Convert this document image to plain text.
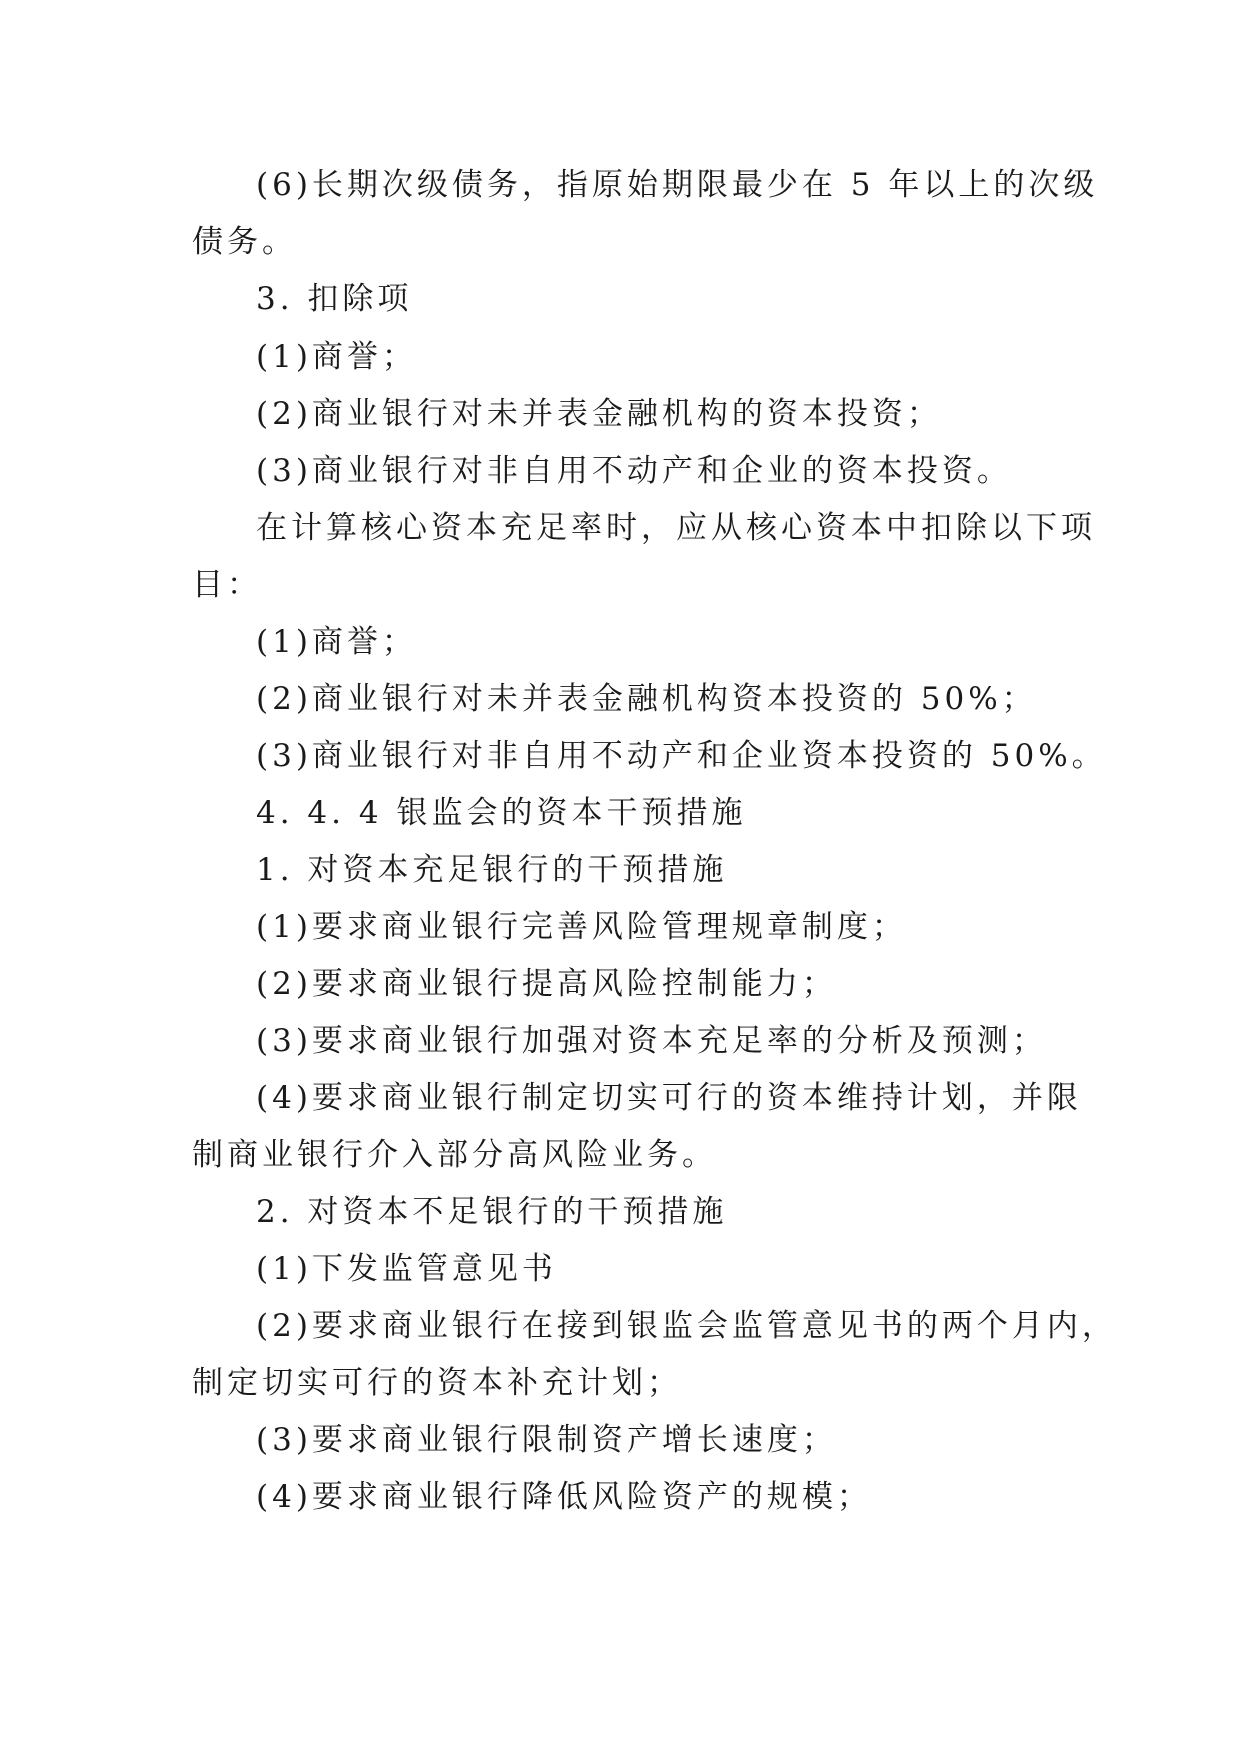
(6)长期次级债务，指原始期限最少在 5 年以上的次级
债务。
3. 扣除项
(1)商誉；
(2)商业银行对未并表金融机构的资本投资；
(3)商业银行对非自用不动产和企业的资本投资。
在计算核心资本充足率时，应从核心资本中扣除以下项
目：
(1)商誉；
(2)商业银行对未并表金融机构资本投资的 50%；
(3)商业银行对非自用不动产和企业资本投资的 50%。
4. 4. 4 银监会的资本干预措施
1. 对资本充足银行的干预措施
(1)要求商业银行完善风险管理规章制度；
(2)要求商业银行提高风险控制能力；
(3)要求商业银行加强对资本充足率的分析及预测；
(4)要求商业银行制定切实可行的资本维持计划，并限
制商业银行介入部分高风险业务。
2. 对资本不足银行的干预措施
(1)下发监管意见书
(2)要求商业银行在接到银监会监管意见书的两个月内，
制定切实可行的资本补充计划；
(3)要求商业银行限制资产增长速度；
(4)要求商业银行降低风险资产的规模；
